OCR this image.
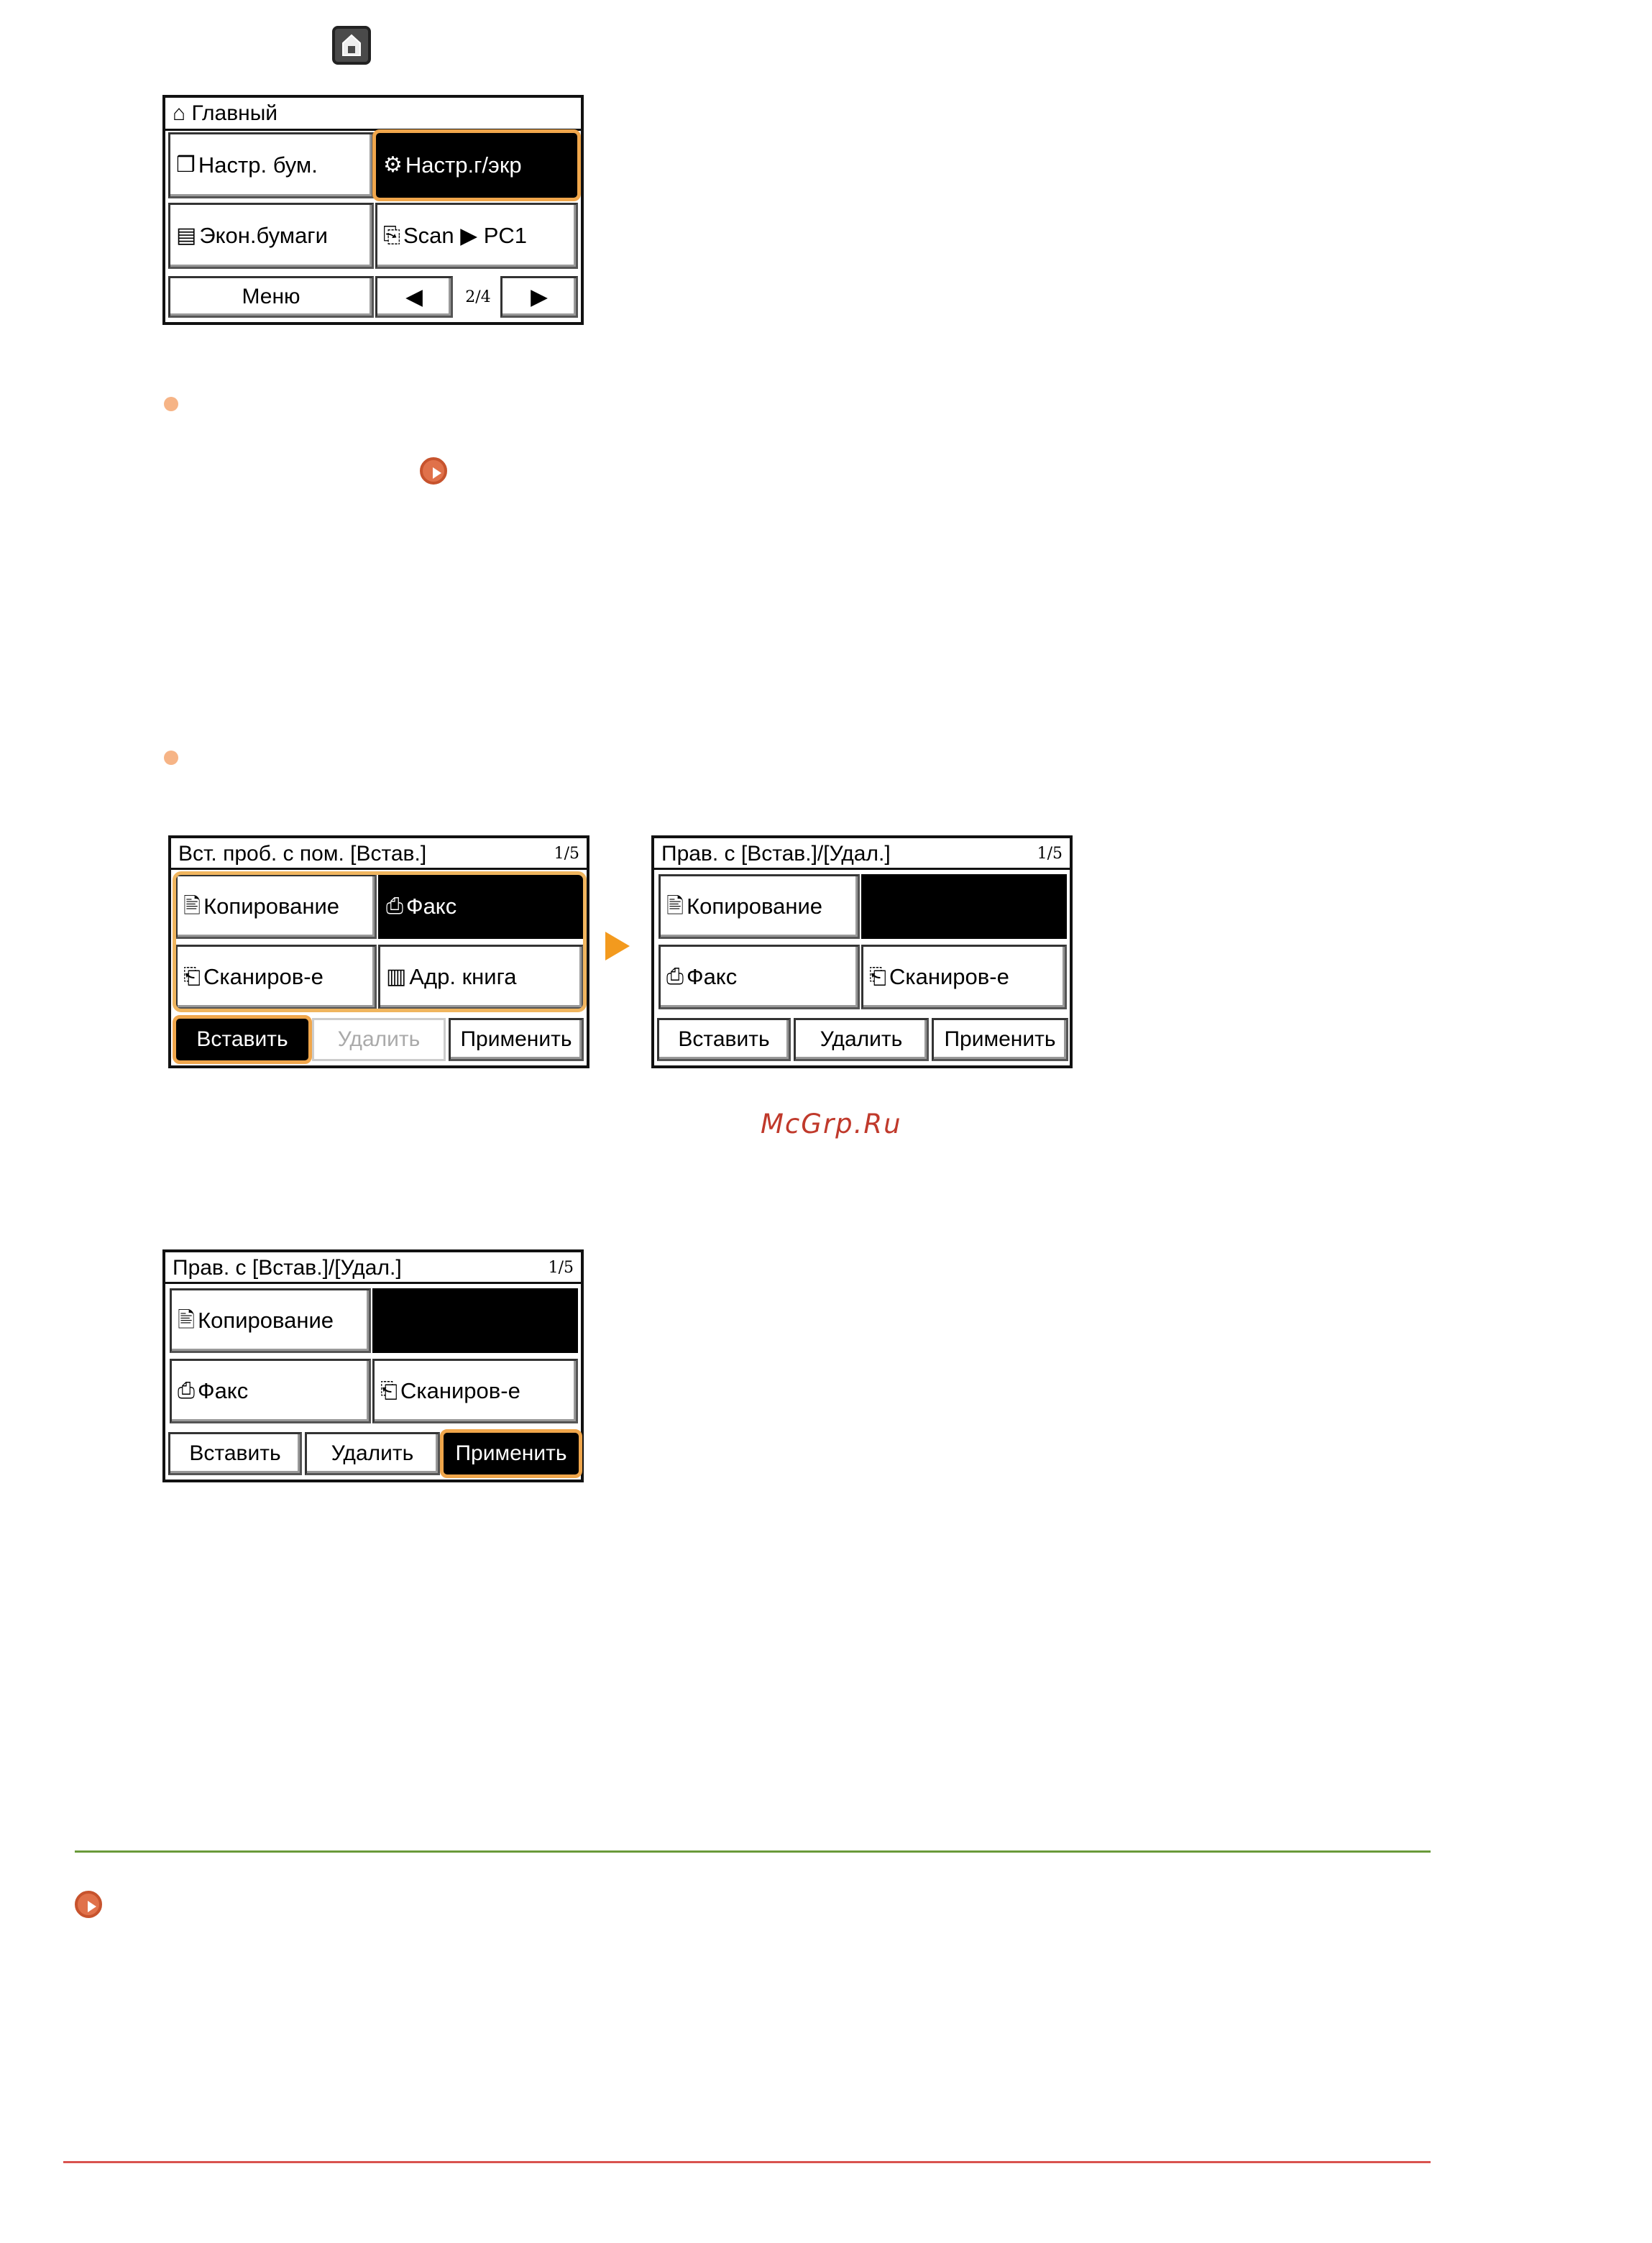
⌂ Главный
❒ Настр. бум.	⚙ Настр.г/экр
▤ Экон.бумаги	⎘ Scan ▶ PC1
Меню	◀	2/4	▶
Вст. проб. с пом. [Встав.]	1/5
🖹 Копирование ⎙ Факс
⎗ Сканиров-е	▥ Адр. книга
Вставить Удалить Применить
Прав. с [Встав.]/[Удал.]	1/5
🖹 Копирование
⎙ Факс	⎗ Сканиров-е
Вставить Удалить Применить
McGrp.Ru
Прав. с [Встав.]/[Удал.]	1/5
🖹 Копирование
⎙ Факс	⎗ Сканиров-е
Вставить Удалить Применить
